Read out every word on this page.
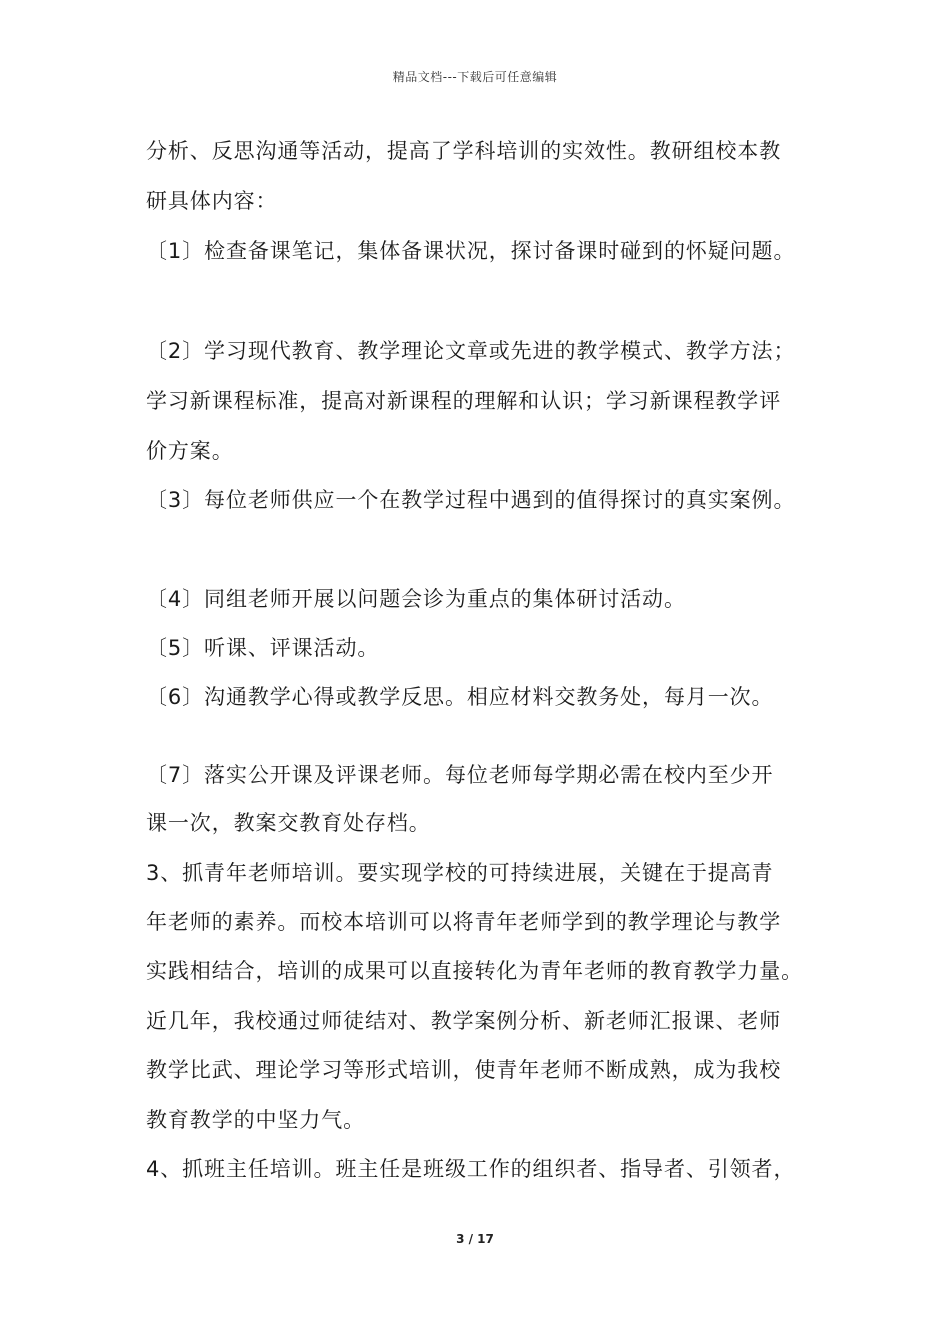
精品文档---下载后可任意编辑
分析、反思沟通等活动，提高了学科培训的实效性。教研组校本教
研具体内容：
〔1〕检查备课笔记，集体备课状况，探讨备课时碰到的怀疑问题。
〔2〕学习现代教育、教学理论文章或先进的教学模式、教学方法；
学习新课程标准，提高对新课程的理解和认识；学习新课程教学评
价方案。
〔3〕每位老师供应一个在教学过程中遇到的值得探讨的真实案例。
〔4〕同组老师开展以问题会诊为重点的集体研讨活动。
〔5〕听课、评课活动。
〔6〕沟通教学心得或教学反思。相应材料交教务处，每月一次。
〔7〕落实公开课及评课老师。每位老师每学期必需在校内至少开
课一次，教案交教育处存档。
3、抓青年老师培训。要实现学校的可持续进展，关键在于提高青
年老师的素养。而校本培训可以将青年老师学到的教学理论与教学
实践相结合，培训的成果可以直接转化为青年老师的教育教学力量。
近几年，我校通过师徒结对、教学案例分析、新老师汇报课、老师
教学比武、理论学习等形式培训，使青年老师不断成熟，成为我校
教育教学的中坚力气。
4、抓班主任培训。班主任是班级工作的组织者、指导者、引领者，
3 / 17
